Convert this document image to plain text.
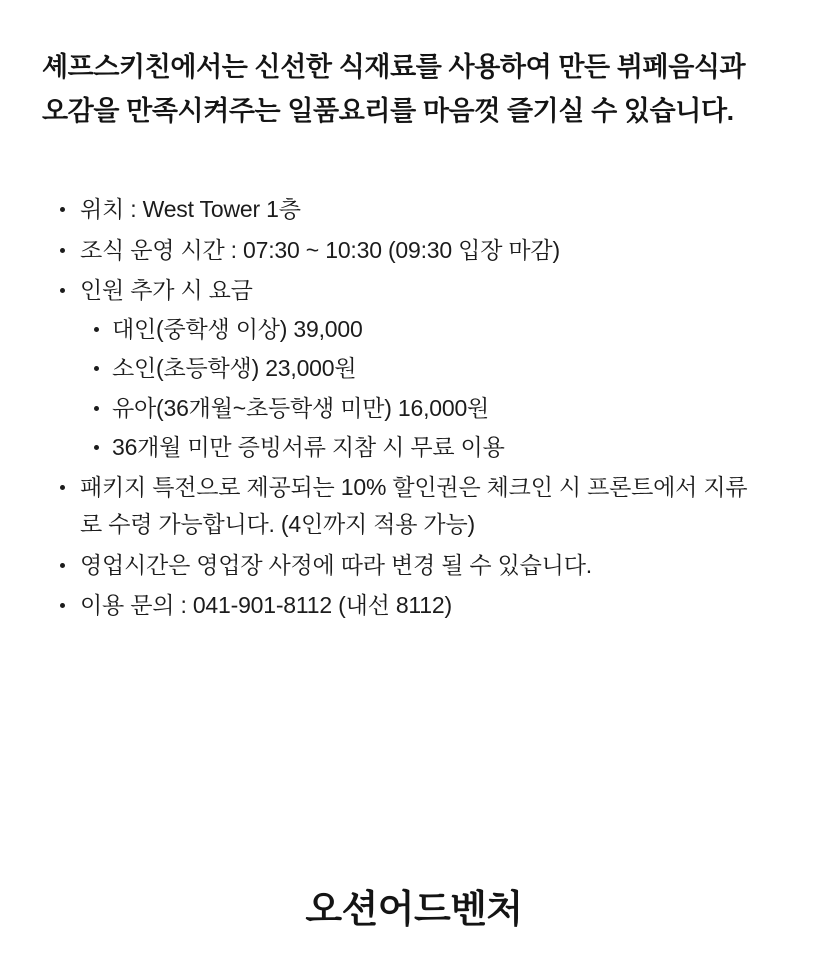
셰프스키친에서는 신선한 식재료를 사용하여 만든 뷔페음식과 오감을 만족시켜주는 일품요리를 마음껏 즐기실 수 있습니다.

위치 : West Tower 1층
조식 운영 시간 : 07:30 ~ 10:30 (09:30 입장 마감)
인원 추가 시 요금
대인(중학생 이상) 39,000
소인(초등학생) 23,000원
유아(36개월~초등학생 미만) 16,000원
36개월 미만 증빙서류 지참 시 무료 이용
패키지 특전으로 제공되는 10% 할인권은 체크인 시 프론트에서 지류로 수령 가능합니다. (4인까지 적용 가능)
영업시간은 영업장 사정에 따라 변경 될 수 있습니다.
이용 문의 : 041-901-8112 (내선 8112)
오션어드벤처
